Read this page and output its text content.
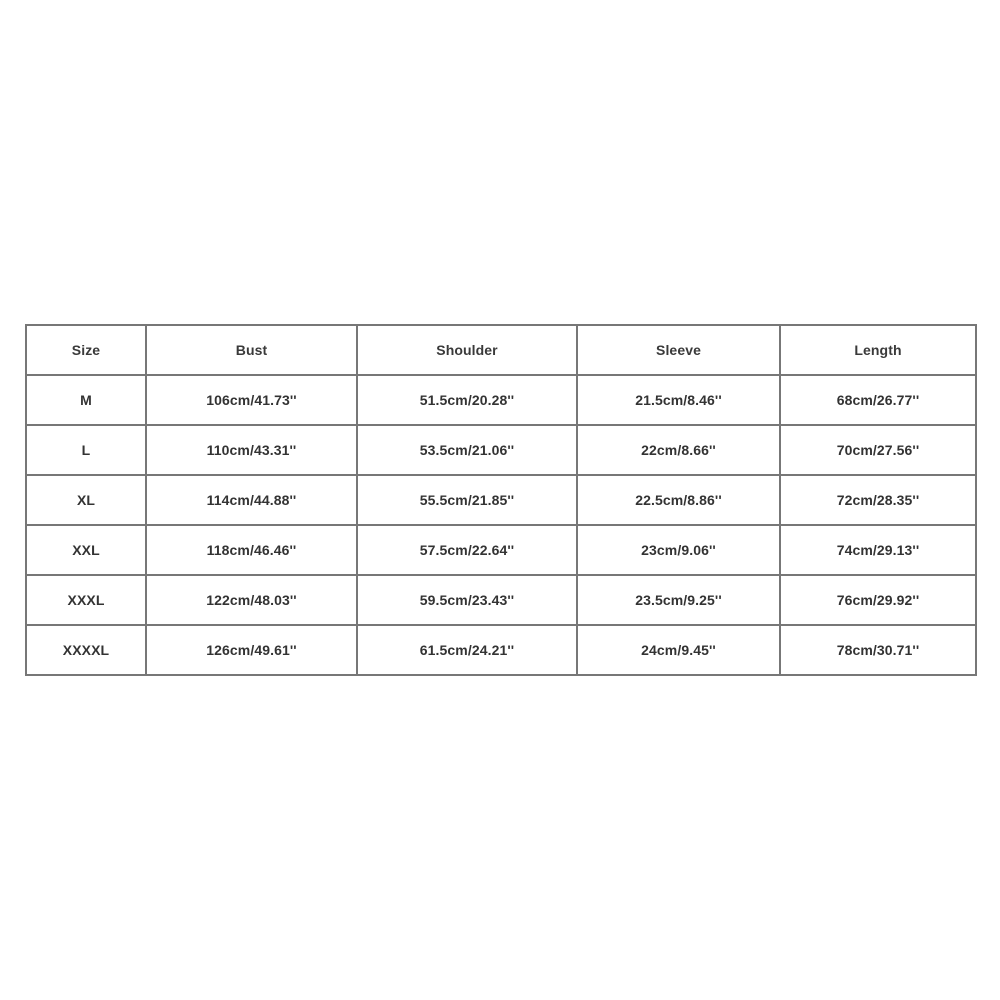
Size	Bust	Shoulder	Sleeve	Length
M	106cm/41.73''	51.5cm/20.28''	21.5cm/8.46''	68cm/26.77''
L	110cm/43.31''	53.5cm/21.06''	22cm/8.66''	70cm/27.56''
XL	114cm/44.88''	55.5cm/21.85''	22.5cm/8.86''	72cm/28.35''
XXL	118cm/46.46''	57.5cm/22.64''	23cm/9.06''	74cm/29.13''
XXXL	122cm/48.03''	59.5cm/23.43''	23.5cm/9.25''	76cm/29.92''
XXXXL	126cm/49.61''	61.5cm/24.21''	24cm/9.45''	78cm/30.71''
